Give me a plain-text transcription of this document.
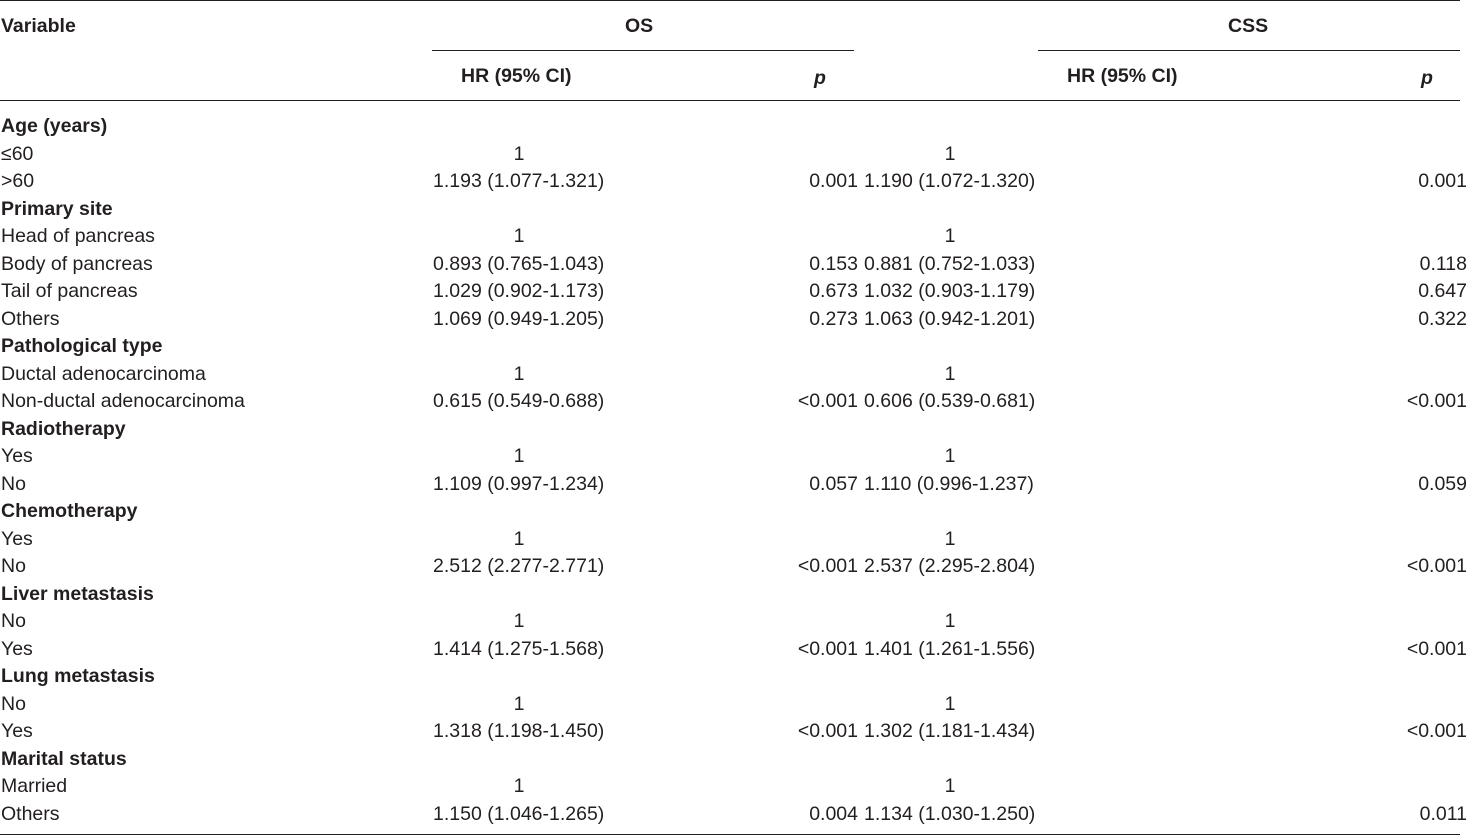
Variable	OS	CSS
HR (95% CI)	p	HR (95% CI)	p
Age (years)				
≤60	1		1	
>60	1.193 (1.077-1.321)	0.001	1.190 (1.072-1.320)	0.001
Primary site				
Head of pancreas	1		1	
Body of pancreas	0.893 (0.765-1.043)	0.153	0.881 (0.752-1.033)	0.118
Tail of pancreas	1.029 (0.902-1.173)	0.673	1.032 (0.903-1.179)	0.647
Others	1.069 (0.949-1.205)	0.273	1.063 (0.942-1.201)	0.322
Pathological type				
Ductal adenocarcinoma	1		1	
Non-ductal adenocarcinoma	0.615 (0.549-0.688)	<0.001	0.606 (0.539-0.681)	<0.001
Radiotherapy				
Yes	1		1	
No	1.109 (0.997-1.234)	0.057	1.110 (0.996-1.237)	0.059
Chemotherapy				
Yes	1		1	
No	2.512 (2.277-2.771)	<0.001	2.537 (2.295-2.804)	<0.001
Liver metastasis				
No	1		1	
Yes	1.414 (1.275-1.568)	<0.001	1.401 (1.261-1.556)	<0.001
Lung metastasis				
No	1		1	
Yes	1.318 (1.198-1.450)	<0.001	1.302 (1.181-1.434)	<0.001
Marital status				
Married	1		1	
Others	1.150 (1.046-1.265)	0.004	1.134 (1.030-1.250)	0.011
